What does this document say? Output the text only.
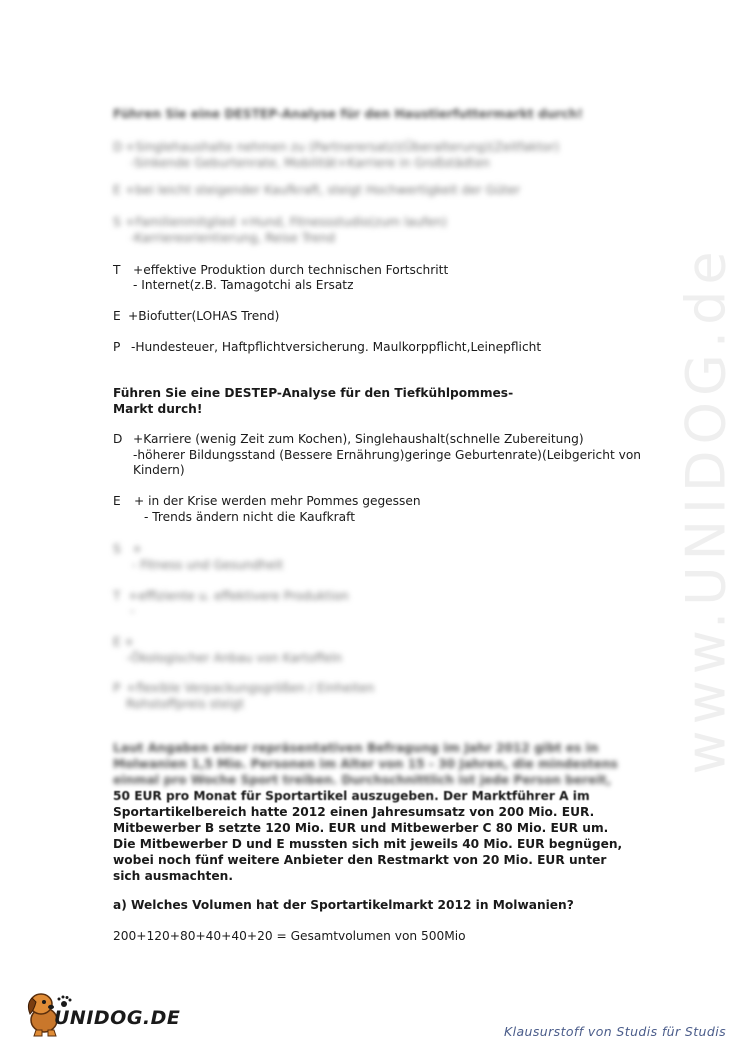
www.UNIDOG.de
Führen Sie eine DESTEP-Analyse für den Haustierfuttermarkt durch!
D +Singlehaushalte nehmen zu (Partnerersatz)(Überalterung)(Zeitfaktor)
-Sinkende Geburtenrate, Mobilität+Karriere in Großstädten
E +bei leicht steigender Kaufkraft, steigt Hochwertigkeit der Güter
S +Familienmitglied +Hund, Fitnessstudio(zum laufen)
-Karriereorientierung, Reise Trend
T +effektive Produktion durch technischen Fortschritt
- Internet(z.B. Tamagotchi als Ersatz
E +Biofutter(LOHAS Trend)
P -Hundesteuer, Haftpflichtversicherung. Maulkorppflicht,Leinepflicht
Führen Sie eine DESTEP-Analyse für den Tiefkühlpommes-
Markt durch!
D +Karriere (wenig Zeit zum Kochen), Singlehaushalt(schnelle Zubereitung)
-höherer Bildungsstand (Bessere Ernährung)geringe Geburtenrate)(Leibgericht von
Kindern)
E + in der Krise werden mehr Pommes gegessen
- Trends ändern nicht die Kaufkraft
S +
- Fitness und Gesundheit
T +effiziente u. effektivere Produktion
-
E +
-Ökologischer Anbau von Kartoffeln
P +flexible Verpackungsgrößen / Einheiten
Rohstoffpreis steigt
Laut Angaben einer repräsentativen Befragung im Jahr 2012 gibt es in
Molwanien 1,5 Mio. Personen im Alter von 15 - 30 Jahren, die mindestens
einmal pro Woche Sport treiben. Durchschnittlich ist jede Person bereit,
50 EUR pro Monat für Sportartikel auszugeben. Der Marktführer A im
Sportartikelbereich hatte 2012 einen Jahresumsatz von 200 Mio. EUR.
Mitbewerber B setzte 120 Mio. EUR und Mitbewerber C 80 Mio. EUR um.
Die Mitbewerber D und E mussten sich mit jeweils 40 Mio. EUR begnügen,
wobei noch fünf weitere Anbieter den Restmarkt von 20 Mio. EUR unter
sich ausmachten.
a) Welches Volumen hat der Sportartikelmarkt 2012 in Molwanien?
200+120+80+40+40+20 = Gesamtvolumen von 500Mio
UNIDOG.DE
Klausurstoff von Studis für Studis
